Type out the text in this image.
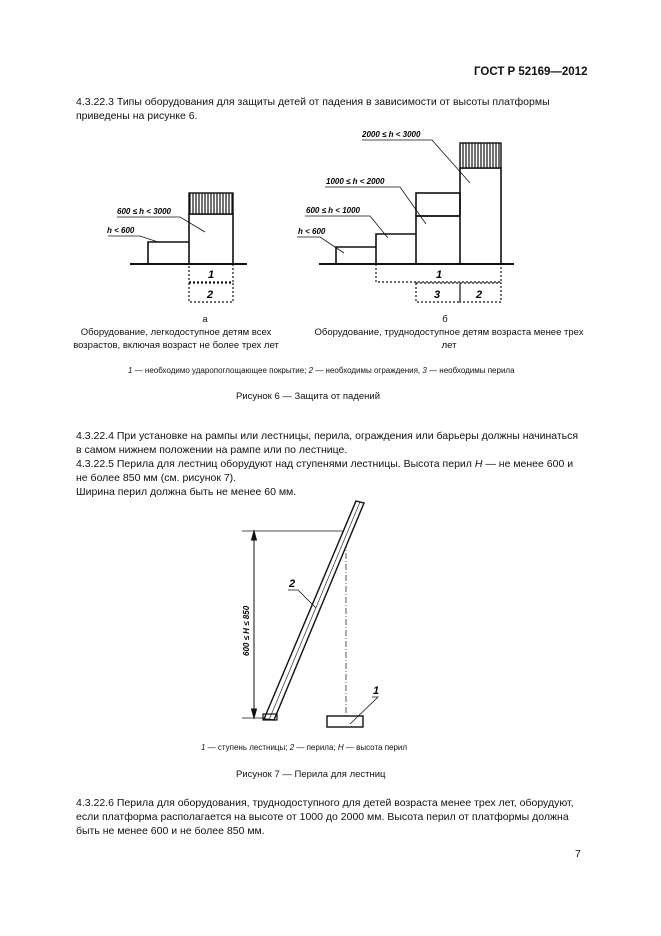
ГОСТ Р 52169—2012
4.3.22.3 Типы оборудования для защиты детей от падения в зависимости от высоты платформы приведены на рисунке 6.
h < 600
600 ≤ h < 3000
1
2
h < 600
600 ≤ h < 1000
1000 ≤ h < 2000
2000 ≤ h < 3000
1
3	2
а
Оборудование, легкодоступное детям всех возрастов, включая возраст не более трех лет
б
Оборудование, труднодоступное детям возраста менее трех лет
1 — необходимо ударопоглощающее покрытие; 2 — необходимы ограждения, 3 — необходимы перила
Рисунок 6 — Защита от падений
4.3.22.4 При установке на рампы или лестницы, перила, ограждения или барьеры должны начинаться в самом нижнем положении на рампе или по лестнице.
4.3.22.5 Перила для лестниц оборудуют над ступенями лестницы. Высота перил H — не менее 600 и не более 850 мм (см. рисунок 7).
Ширина перил должна быть не менее 60 мм.
600 ≤ H ≤ 850
2
1
1 — ступень лестницы; 2 — перила; H — высота перил
Рисунок 7 — Перила для лестниц
4.3.22.6 Перила для оборудования, труднодоступного для детей возраста менее трех лет, оборудуют, если платформа располагается на высоте от 1000 до 2000 мм. Высота перил от платформы должна быть не менее 600 и не более 850 мм.
7
